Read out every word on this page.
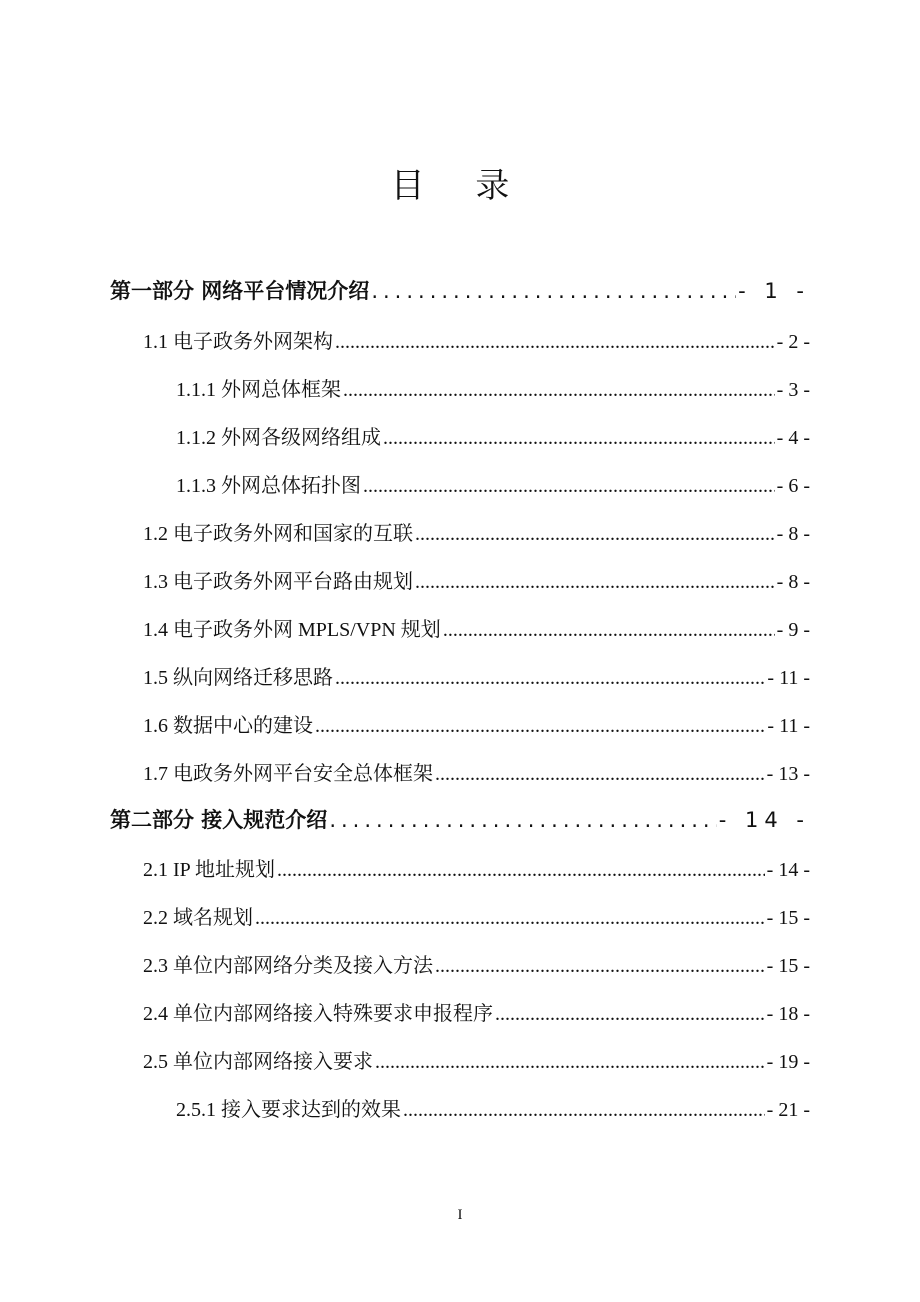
目 录
第一部分 网络平台情况介绍 .....	- 1 -
1.1 电子政务外网架构 .....	- 2 -
1.1.1 外网总体框架 .....	- 3 -
1.1.2 外网各级网络组成 .....	- 4 -
1.1.3 外网总体拓扑图 .....	- 6 -
1.2 电子政务外网和国家的互联 .....	- 8 -
1.3 电子政务外网平台路由规划 .....	- 8 -
1.4 电子政务外网 MPLS/VPN 规划 .....	- 9 -
1.5 纵向网络迁移思路 .....	- 11 -
1.6 数据中心的建设 .....	- 11 -
1.7 电政务外网平台安全总体框架 .....	- 13 -
第二部分 接入规范介绍 .....	- 14 -
2.1 IP 地址规划 .....	- 14 -
2.2 域名规划 .....	- 15 -
2.3 单位内部网络分类及接入方法 .....	- 15 -
2.4 单位内部网络接入特殊要求申报程序 .....	- 18 -
2.5 单位内部网络接入要求 .....	- 19 -
2.5.1 接入要求达到的效果 .....	- 21 -
I
